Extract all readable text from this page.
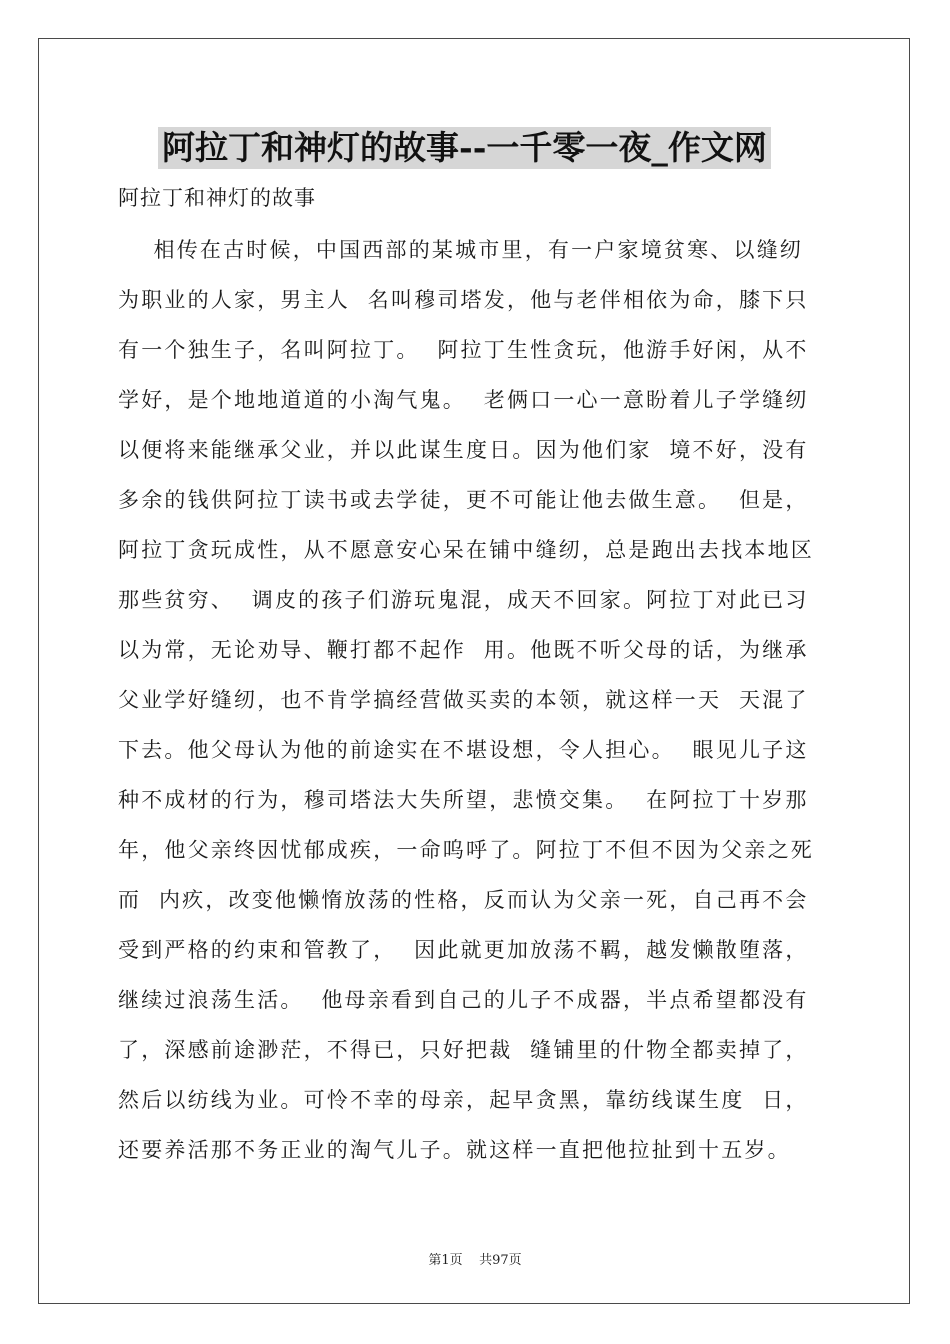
阿拉丁和神灯的故事--一千零一夜_作文网
阿拉丁和神灯的故事
相传在古时候，中国西部的某城市里，有一户家境贫寒、以缝纫
为职业的人家，男主人  名叫穆司塔发，他与老伴相依为命，膝下只
有一个独生子，名叫阿拉丁。  阿拉丁生性贪玩，他游手好闲，从不
学好，是个地地道道的小淘气鬼。  老俩口一心一意盼着儿子学缝纫
以便将来能继承父业，并以此谋生度日。因为他们家  境不好，没有
多余的钱供阿拉丁读书或去学徒，更不可能让他去做生意。  但是，
阿拉丁贪玩成性，从不愿意安心呆在铺中缝纫，总是跑出去找本地区
那些贫穷、  调皮的孩子们游玩鬼混，成天不回家。阿拉丁对此已习
以为常，无论劝导、鞭打都不起作  用。他既不听父母的话，为继承
父业学好缝纫，也不肯学搞经营做买卖的本领，就这样一天  天混了
下去。他父母认为他的前途实在不堪设想，令人担心。  眼见儿子这
种不成材的行为，穆司塔法大失所望，悲愤交集。  在阿拉丁十岁那
年，他父亲终因忧郁成疾，一命呜呼了。阿拉丁不但不因为父亲之死
而  内疚，改变他懒惰放荡的性格，反而认为父亲一死，自己再不会
受到严格的约束和管教了，  因此就更加放荡不羁，越发懒散堕落，
继续过浪荡生活。  他母亲看到自己的儿子不成器，半点希望都没有
了，深感前途渺茫，不得已，只好把裁  缝铺里的什物全都卖掉了，
然后以纺线为业。可怜不幸的母亲，起早贪黑，靠纺线谋生度  日，
还要养活那不务正业的淘气儿子。就这样一直把他拉扯到十五岁。
第1页    共97页
